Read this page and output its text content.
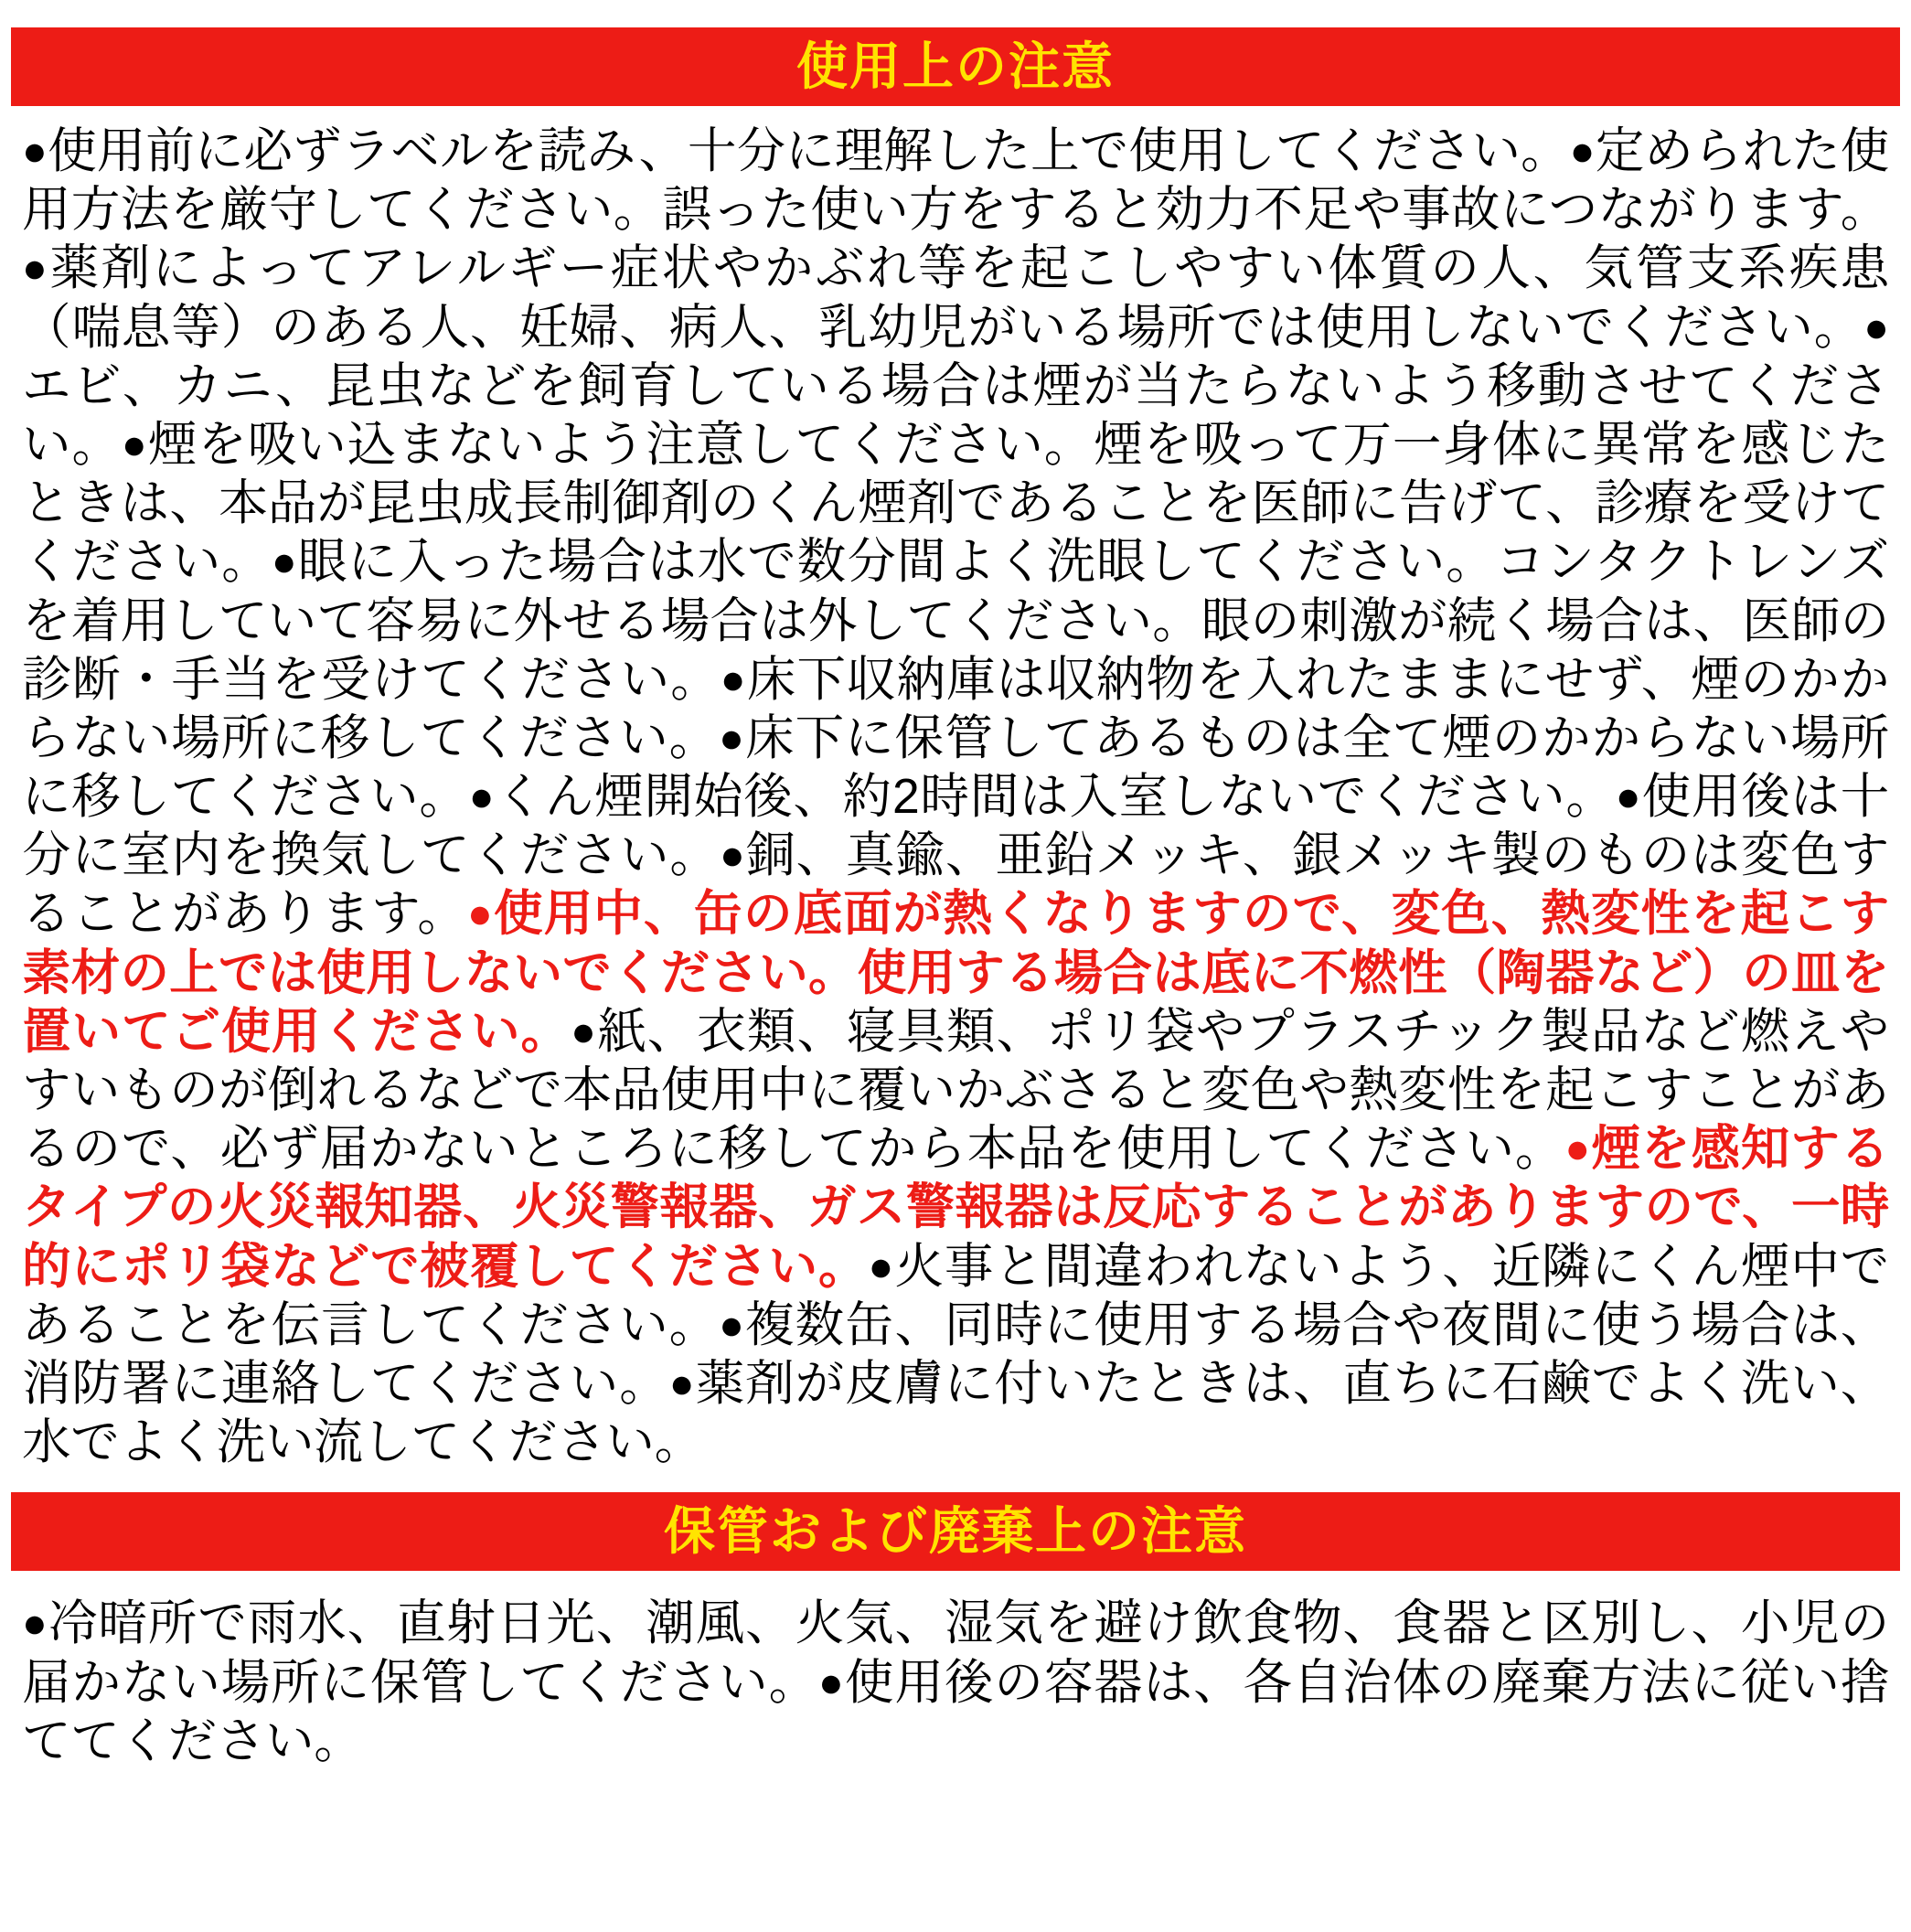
使用上の注意
●使用前に必ずラベルを読み、十分に理解した上で使用してください。●定められた使用方法を厳守してください。誤った使い方をすると効力不足や事故につながります。●薬剤によってアレルギー症状やかぶれ等を起こしやすい体質の人、気管支系疾患（喘息等）のある人、妊婦、病人、乳幼児がいる場所では使用しないでください。●エビ、カニ、昆虫などを飼育している場合は煙が当たらないよう移動させてください。●煙を吸い込まないよう注意してください。煙を吸って万一身体に異常を感じたときは、本品が昆虫成長制御剤のくん煙剤であることを医師に告げて、診療を受けてください。●眼に入った場合は水で数分間よく洗眼してください。コンタクトレンズを着用していて容易に外せる場合は外してください。眼の刺激が続く場合は、医師の診断・手当を受けてください。●床下収納庫は収納物を入れたままにせず、煙のかからない場所に移してください。●床下に保管してあるものは全て煙のかからない場所に移してください。●くん煙開始後、約2時間は入室しないでください。●使用後は十分に室内を換気してください。●銅、真鍮、亜鉛メッキ、銀メッキ製のものは変色することがあります。●使用中、缶の底面が熱くなりますので、変色、熱変性を起こす素材の上では使用しないでください。使用する場合は底に不燃性（陶器など）の皿を置いてご使用ください。●紙、衣類、寝具類、ポリ袋やプラスチック製品など燃えやすいものが倒れるなどで本品使用中に覆いかぶさると変色や熱変性を起こすことがあるので、必ず届かないところに移してから本品を使用してください。●煙を感知するタイプの火災報知器、火災警報器、ガス警報器は反応することがありますので、一時的にポリ袋などで被覆してください。●火事と間違われないよう、近隣にくん煙中であることを伝言してください。●複数缶、同時に使用する場合や夜間に使う場合は、消防署に連絡してください。●薬剤が皮膚に付いたときは、直ちに石鹸でよく洗い、水でよく洗い流してください。
保管および廃棄上の注意
●冷暗所で雨水、直射日光、潮風、火気、湿気を避け飲食物、食器と区別し、小児の届かない場所に保管してください。●使用後の容器は、各自治体の廃棄方法に従い捨ててください。
